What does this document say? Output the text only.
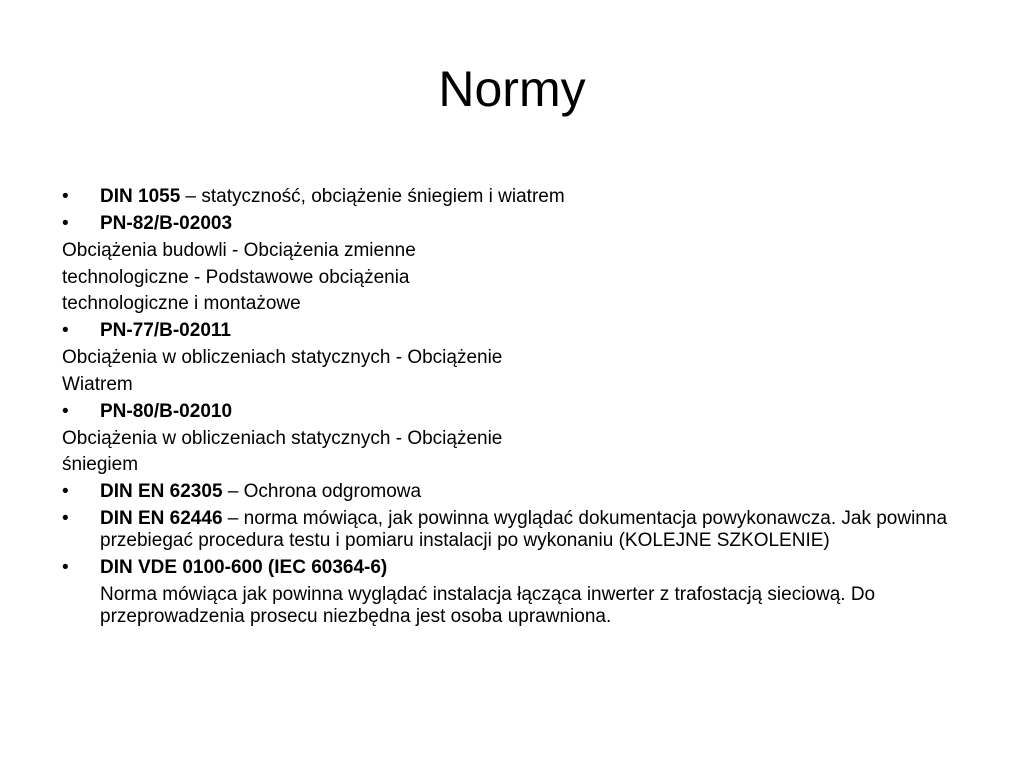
Normy
•	DIN 1055 – statyczność, obciążenie śniegiem i wiatrem
•	PN-82/B-02003
Obciążenia budowli - Obciążenia zmienne
technologiczne - Podstawowe obciążenia
technologiczne i montażowe
•	PN-77/B-02011
Obciążenia w obliczeniach statycznych - Obciążenie
Wiatrem
•	PN-80/B-02010
Obciążenia w obliczeniach statycznych - Obciążenie
śniegiem
•	DIN EN 62305 – Ochrona odgromowa
•	DIN EN 62446 – norma mówiąca, jak powinna wyglądać dokumentacja powykonawcza. Jak powinna przebiegać procedura testu i pomiaru instalacji po wykonaniu (KOLEJNE SZKOLENIE)
•	DIN VDE 0100-600 (IEC 60364-6)
Norma mówiąca jak powinna wyglądać instalacja łącząca inwerter z trafostacją sieciową. Do przeprowadzenia prosecu niezbędna jest osoba uprawniona.
